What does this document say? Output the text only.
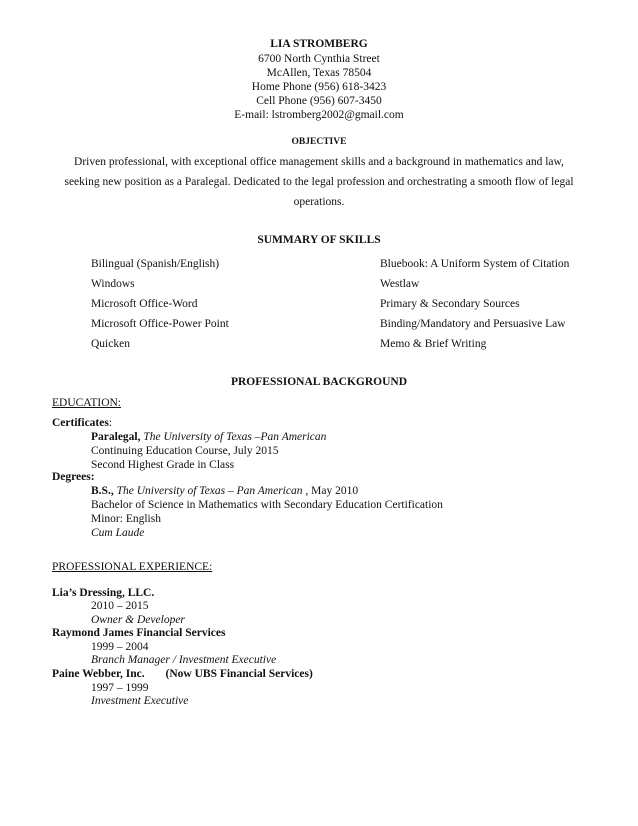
LIA STROMBERG
6700 North Cynthia Street
McAllen, Texas 78504
Home Phone (956) 618-3423
Cell Phone (956) 607-3450
E-mail: lstromberg2002@gmail.com
OBJECTIVE
Driven professional, with exceptional office management skills and a background in mathematics and law,
seeking new position as a Paralegal. Dedicated to the legal profession and orchestrating a smooth flow of legal
operations.
SUMMARY OF SKILLS
Bilingual (Spanish/English)
Windows
Microsoft Office-Word
Microsoft Office-Power Point
Quicken
Bluebook: A Uniform System of Citation
Westlaw
Primary & Secondary Sources
Binding/Mandatory and Persuasive Law
Memo & Brief Writing
PROFESSIONAL BACKGROUND
EDUCATION:
Certificates:
Paralegal, The University of Texas –Pan American
Continuing Education Course, July 2015
Second Highest Grade in Class
Degrees:
B.S., The University of Texas – Pan American , May 2010
Bachelor of Science in Mathematics with Secondary Education Certification
Minor: English
Cum Laude
PROFESSIONAL EXPERIENCE:
Lia’s Dressing, LLC.
2010 – 2015
Owner & Developer
Raymond James Financial Services
1999 – 2004
Branch Manager / Investment Executive
Paine Webber, Inc. (Now UBS Financial Services)
1997 – 1999
Investment Executive
